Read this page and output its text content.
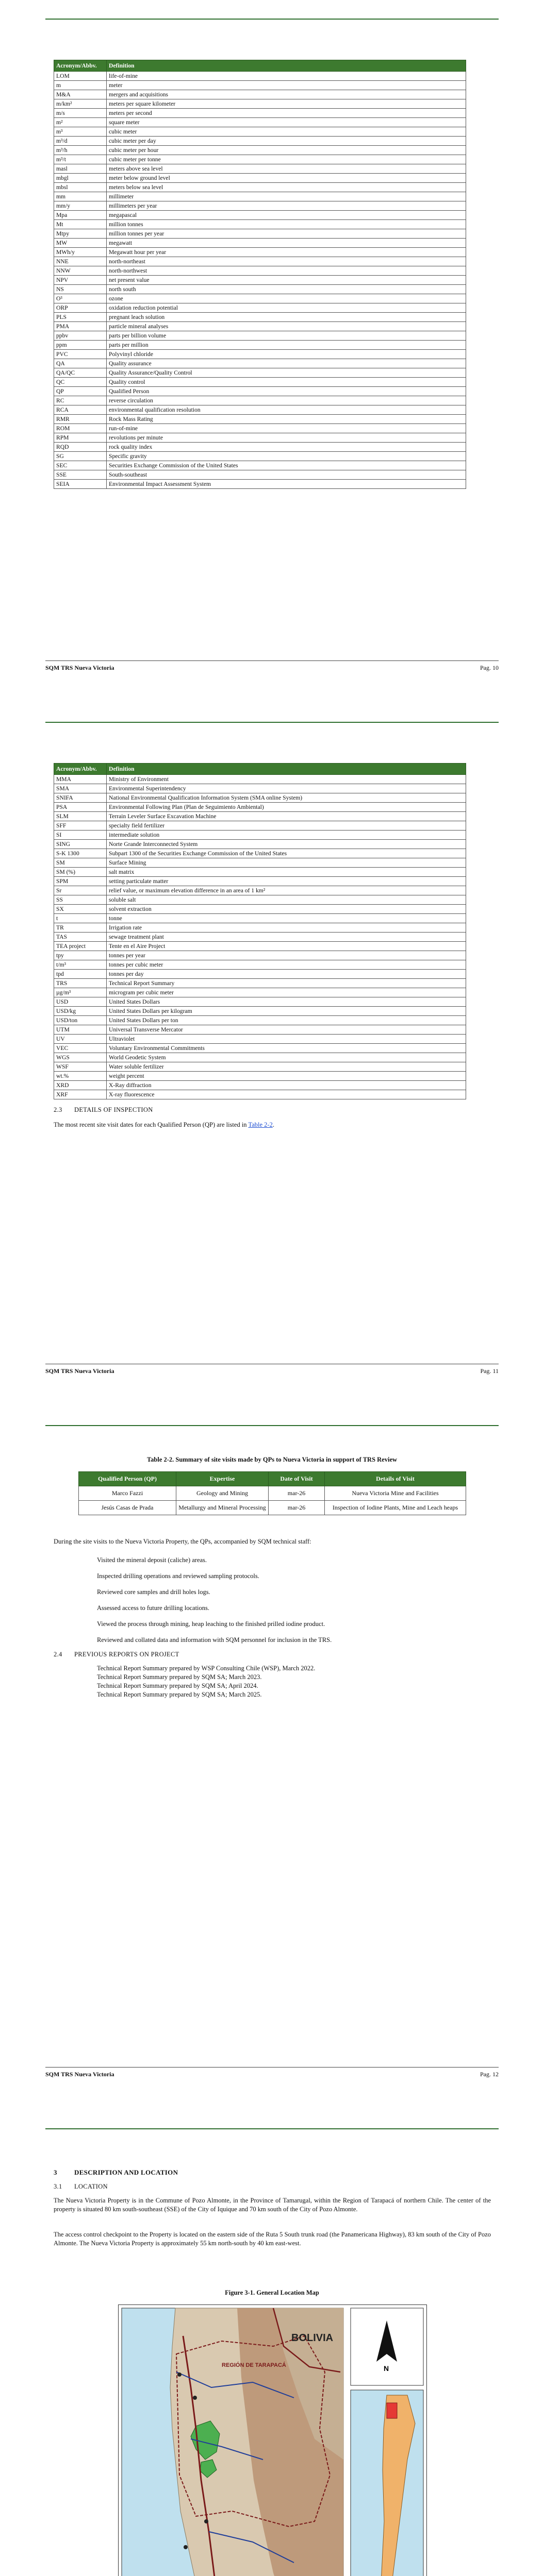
Acronym/Abbv.	Definition
LOM	life-of-mine
m	meter
M&A	mergers and acquisitions
m/km²	meters per square kilometer
m/s	meters per second
m²	square meter
m³	cubic meter
m³/d	cubic meter per day
m³/h	cubic meter per hour
m³/t	cubic meter per tonne
masl	meters above sea level
mbgl	meter below ground level
mbsl	meters below sea level
mm	millimeter
mm/y	millimeters per year
Mpa	megapascal
Mt	million tonnes
Mtpy	million tonnes per year
MW	megawatt
MWh/y	Megawatt hour per year
NNE	north-northeast
NNW	north-northwest
NPV	net present value
NS	north south
O³	ozone
ORP	oxidation reduction potential
PLS	pregnant leach solution
PMA	particle mineral analyses
ppbv	parts per billion volume
ppm	parts per million
PVC	Polyvinyl chloride
QA	Quality assurance
QA/QC	Quality Assurance/Quality Control
QC	Quality control
QP	Qualified Person
RC	reverse circulation
RCA	environmental qualification resolution
RMR	Rock Mass Rating
ROM	run-of-mine
RPM	revolutions per minute
RQD	rock quality index
SG	Specific gravity
SEC	Securities Exchange Commission of the United States
SSE	South-southeast
SEIA	Environmental Impact Assessment System
SQM TRS Nueva Victoria	Pag. 10
Acronym/Abbv.	Definition
MMA	Ministry of Environment
SMA	Environmental Superintendency
SNIFA	National Environmental Qualification Information System (SMA online System)
PSA	Environmental Following Plan (Plan de Seguimiento Ambiental)
SLM	Terrain Leveler Surface Excavation Machine
SFF	specialty field fertilizer
SI	intermediate solution
SING	Norte Grande Interconnected System
S-K 1300	Subpart 1300 of the Securities Exchange Commission of the United States
SM	Surface Mining
SM (%)	salt matrix
SPM	setting particulate matter
Sr	relief value, or maximum elevation difference in an area of 1 km²
SS	soluble salt
SX	solvent extraction
t	tonne
TR	Irrigation rate
TAS	sewage treatment plant
TEA project	Tente en el Aire Project
tpy	tonnes per year
t/m³	tonnes per cubic meter
tpd	tonnes per day
TRS	Technical Report Summary
µg/m³	microgram per cubic meter
USD	United States Dollars
USD/kg	United States Dollars per kilogram
USD/ton	United States Dollars per ton
UTM	Universal Transverse Mercator
UV	Ultraviolet
VEC	Voluntary Environmental Commitments
WGS	World Geodetic System
WSF	Water soluble fertilizer
wt.%	weight percent
XRD	X-Ray diffraction
XRF	X-ray fluorescence
2.3 DETAILS OF INSPECTION
The most recent site visit dates for each Qualified Person (QP) are listed in Table 2-2.
SQM TRS Nueva Victoria	Pag. 11
Table 2-2. Summary of site visits made by QPs to Nueva Victoria in support of TRS Review
Qualified Person (QP)	Expertise	Date of Visit	Details of Visit
Marco Fazzi	Geology and Mining	mar-26	Nueva Victoria Mine and Facilities
Jesús Casas de Prada	Metallurgy and Mineral Processing	mar-26	Inspection of Iodine Plants, Mine and Leach heaps
During the site visits to the Nueva Victoria Property, the QPs, accompanied by SQM technical staff:
Visited the mineral deposit (caliche) areas.
Inspected drilling operations and reviewed sampling protocols.
Reviewed core samples and drill holes logs.
Assessed access to future drilling locations.
Viewed the process through mining, heap leaching to the finished prilled iodine product.
Reviewed and collated data and information with SQM personnel for inclusion in the TRS.
2.4 PREVIOUS REPORTS ON PROJECT
Technical Report Summary prepared by WSP Consulting Chile (WSP), March 2022.
Technical Report Summary prepared by SQM SA; March 2023.
Technical Report Summary prepared by SQM SA; April 2024.
Technical Report Summary prepared by SQM SA; March 2025.
SQM TRS Nueva Victoria	Pag. 12
3	DESCRIPTION AND LOCATION
3.1 LOCATION
The Nueva Victoria Property is in the Commune of Pozo Almonte, in the Province of Tamarugal, within the Region of Tarapacá of northern Chile. The center of the property is situated 80 km south-southeast (SSE) of the City of Iquique and 70 km south of the City of Pozo Almonte.
The access control checkpoint to the Property is located on the eastern side of the Ruta 5 South trunk road (the Panamericana Highway), 83 km south of the City of Pozo Almonte. The Nueva Victoria Property is approximately 55 km north-south by 40 km east-west.
Figure 3-1. General Location Map
BOLIVIA
REGIÓN DE TARAPACÁ	N
